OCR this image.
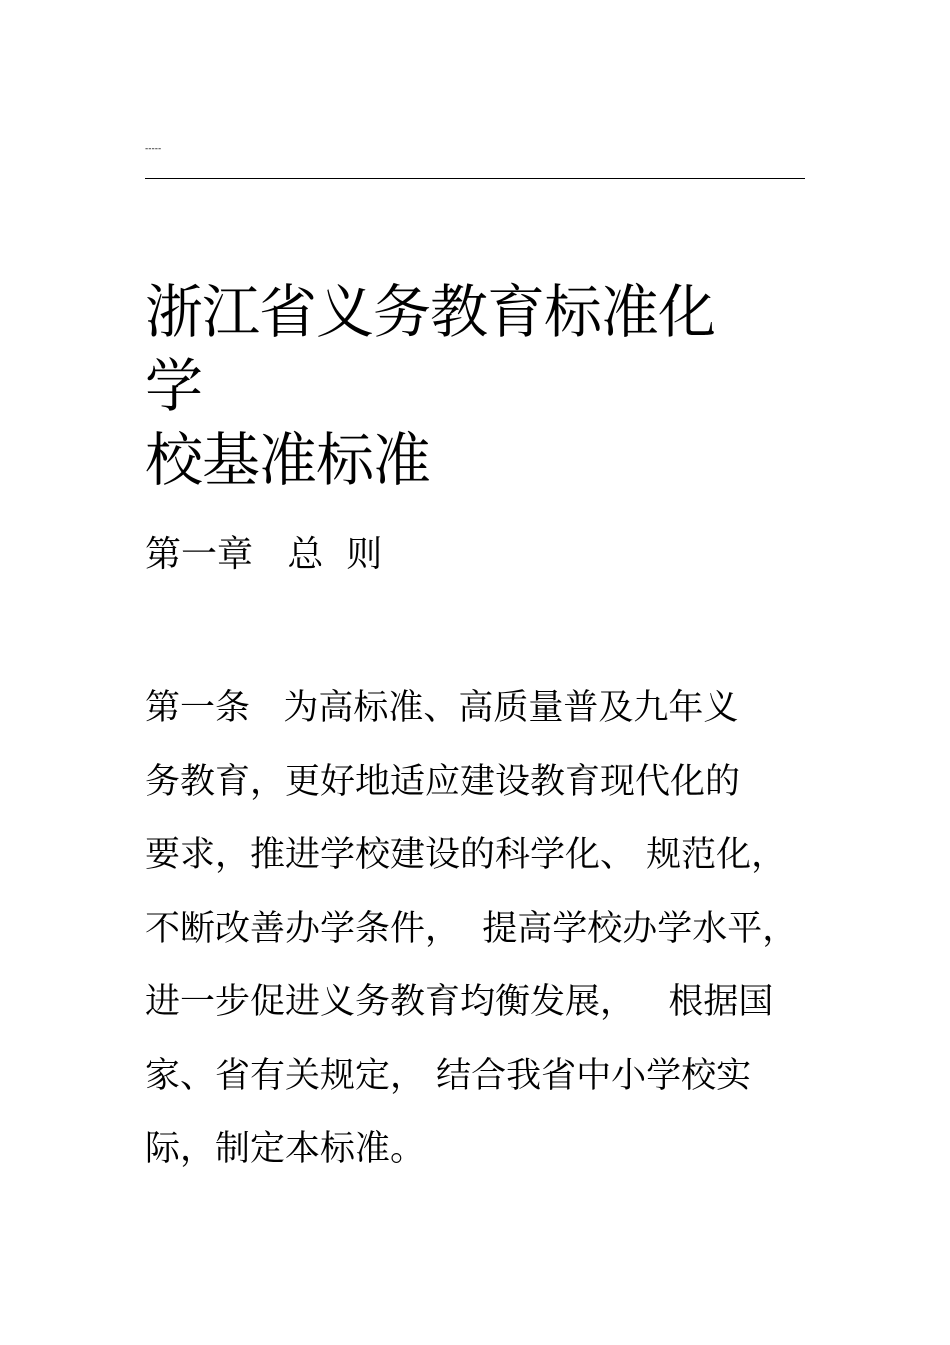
-----
浙江省义务教育标准化学
校基准标准
第一章   总  则

第一条   为高标准、高质量普及九年义
务教育，更好地适应建设教育现代化的
要求，推进学校建设的科学化、 规范化，
不断改善办学条件，  提高学校办学水平，
进一步促进义务教育均衡发展，   根据国
家、省有关规定， 结合我省中小学校实
际，制定本标准。
